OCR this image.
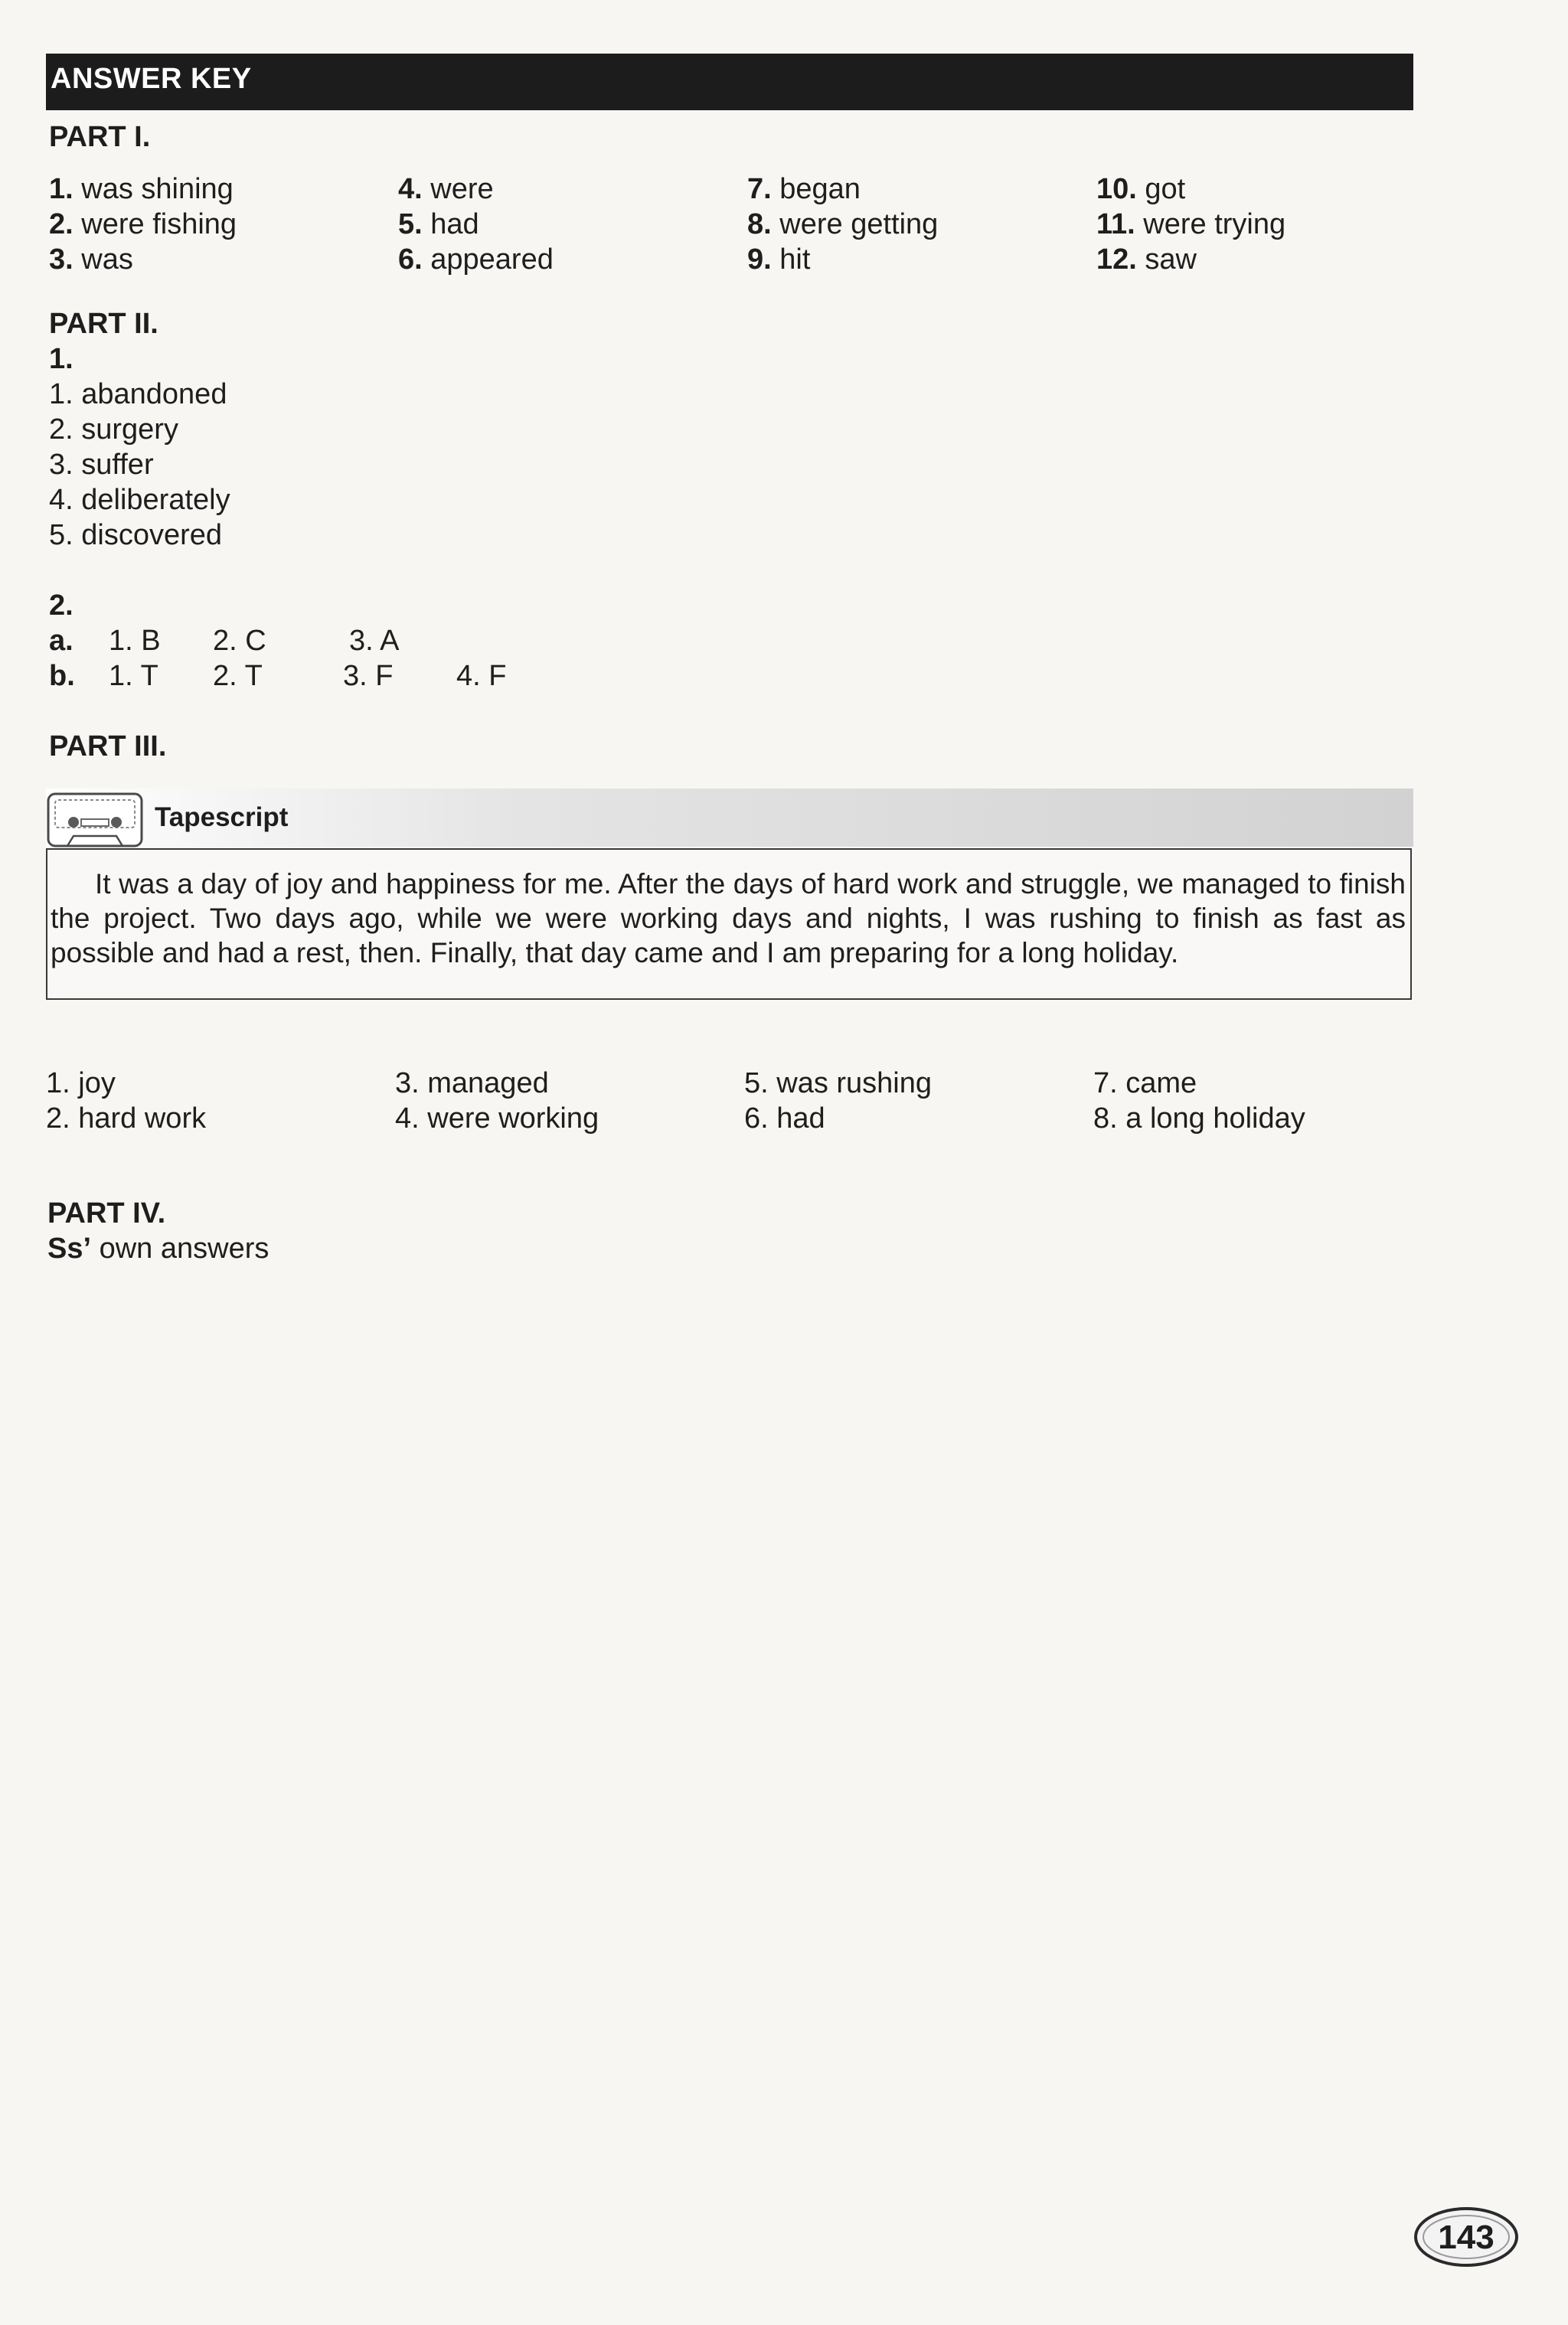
ANSWER KEY
PART I.
1. was shining
2. were fishing
3. was
4. were
5. had
6. appeared
7. began
8. were getting
9. hit
10. got
11. were trying
12. saw
PART II.
1.
1. abandoned
2. surgery
3. suffer
4. deliberately
5. discovered
2.
a. 1. B 2. C	3. A
b. 1. T 2. T	3. F 4. F
PART III.
Tapescript
It was a day of joy and happiness for me. After the days of hard work and struggle, we managed to finish the project. Two days ago, while we were working days and nights, I was rushing to finish as fast as possible and had a rest, then. Finally, that day came and I am preparing for a long holiday.
1. joy
2. hard work
3. managed
4. were working
5. was rushing
6. had
7. came
8. a long holiday
PART IV.
Ss’ own answers
143
